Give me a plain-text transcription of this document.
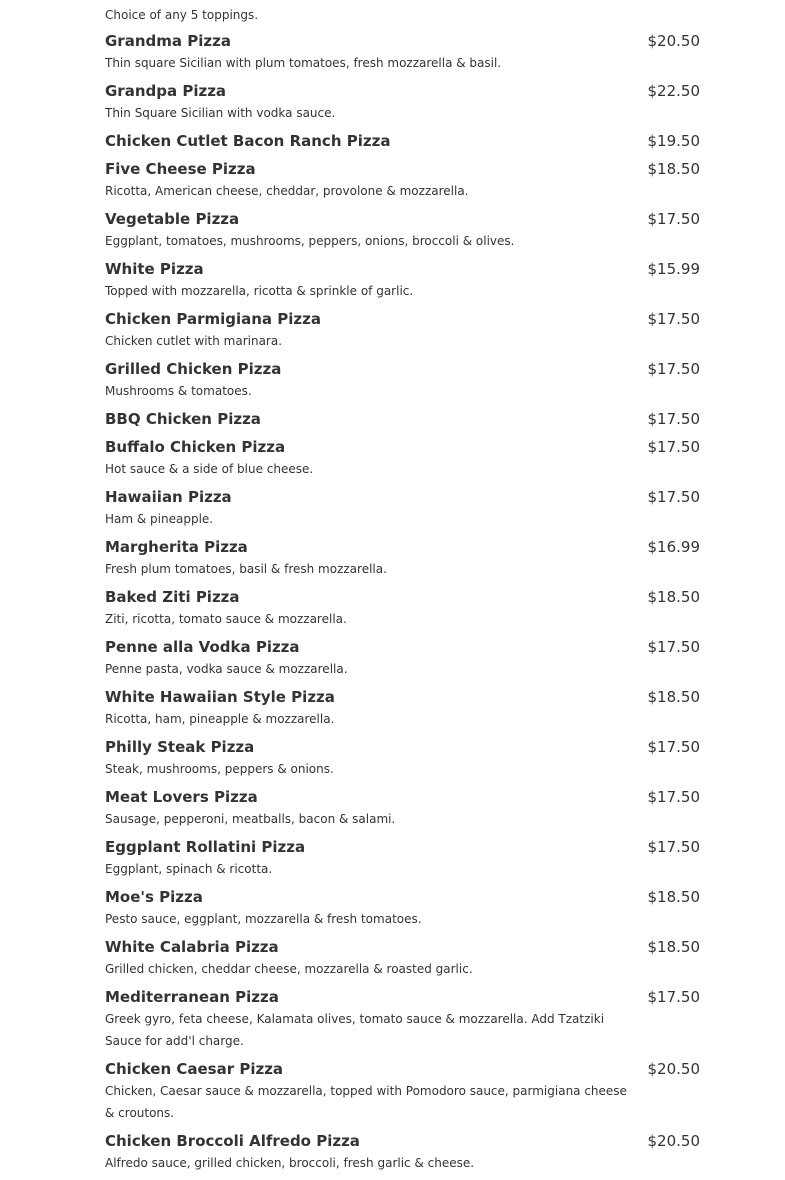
Choice of any 5 toppings.
Grandma Pizza	$20.50
Thin square Sicilian with plum tomatoes, fresh mozzarella & basil.
Grandpa Pizza	$22.50
Thin Square Sicilian with vodka sauce.
Chicken Cutlet Bacon Ranch Pizza	$19.50
Five Cheese Pizza	$18.50
Ricotta, American cheese, cheddar, provolone & mozzarella.
Vegetable Pizza	$17.50
Eggplant, tomatoes, mushrooms, peppers, onions, broccoli & olives.
White Pizza	$15.99
Topped with mozzarella, ricotta & sprinkle of garlic.
Chicken Parmigiana Pizza	$17.50
Chicken cutlet with marinara.
Grilled Chicken Pizza	$17.50
Mushrooms & tomatoes.
BBQ Chicken Pizza	$17.50
Buffalo Chicken Pizza	$17.50
Hot sauce & a side of blue cheese.
Hawaiian Pizza	$17.50
Ham & pineapple.
Margherita Pizza	$16.99
Fresh plum tomatoes, basil & fresh mozzarella.
Baked Ziti Pizza	$18.50
Ziti, ricotta, tomato sauce & mozzarella.
Penne alla Vodka Pizza	$17.50
Penne pasta, vodka sauce & mozzarella.
White Hawaiian Style Pizza	$18.50
Ricotta, ham, pineapple & mozzarella.
Philly Steak Pizza	$17.50
Steak, mushrooms, peppers & onions.
Meat Lovers Pizza	$17.50
Sausage, pepperoni, meatballs, bacon & salami.
Eggplant Rollatini Pizza	$17.50
Eggplant, spinach & ricotta.
Moe's Pizza	$18.50
Pesto sauce, eggplant, mozzarella & fresh tomatoes.
White Calabria Pizza	$18.50
Grilled chicken, cheddar cheese, mozzarella & roasted garlic.
Mediterranean Pizza	$17.50
Greek gyro, feta cheese, Kalamata olives, tomato sauce & mozzarella. Add Tzatziki Sauce for add'l charge.
Chicken Caesar Pizza	$20.50
Chicken, Caesar sauce & mozzarella, topped with Pomodoro sauce, parmigiana cheese & croutons.
Chicken Broccoli Alfredo Pizza	$20.50
Alfredo sauce, grilled chicken, broccoli, fresh garlic & cheese.
